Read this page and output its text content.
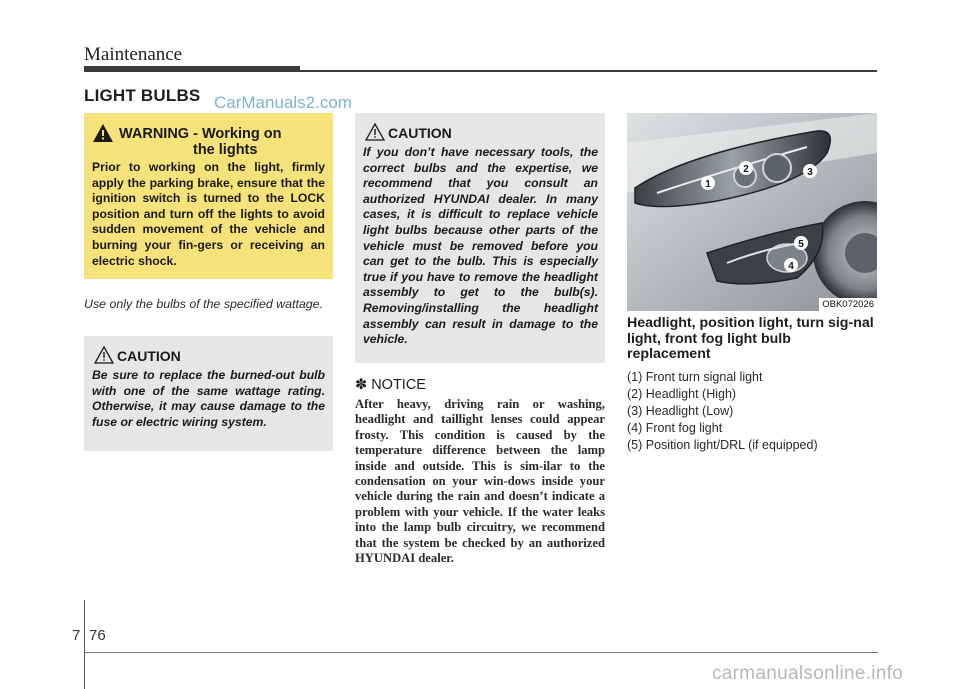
Maintenance
LIGHT BULBS CarManuals2.com
WARNING - Working on
the lights
Prior to working on the light, firmly apply the parking brake, ensure that the ignition switch is turned to the LOCK position and turn off the lights to avoid sudden movement of the vehicle and burning your fin-gers or receiving an electric shock.
Use only the bulbs of the specified wattage.
CAUTION
Be sure to replace the burned-out bulb with one of the same wattage rating. Otherwise, it may cause damage to the fuse or electric wiring system.
CAUTION
If you don’t have necessary tools, the correct bulbs and the expertise, we recommend that you consult an authorized HYUNDAI dealer. In many cases, it is difficult to replace vehicle light bulbs because other parts of the vehicle must be removed before you can get to the bulb. This is especially true if you have to remove the headlight assembly to get to the bulb(s). Removing/installing the headlight assembly can result in damage to the vehicle.
✽ NOTICE
After heavy, driving rain or washing, headlight and taillight lenses could appear frosty. This condition is caused by the temperature difference between the lamp inside and outside. This is sim-ilar to the condensation on your win-dows inside your vehicle during the rain and doesn’t indicate a problem with your vehicle. If the water leaks into the lamp bulb circuitry, we recommend that the system be checked by an authorized HYUNDAI dealer.
1
2	3
4
5
OBK072026
Headlight, position light, turn sig-nal light, front fog light bulb replacement
(1) Front turn signal light
(2) Headlight (High)
(3) Headlight (Low)
(4) Front fog light
(5) Position light/DRL (if equipped)
7 76
carmanualsonline.info
